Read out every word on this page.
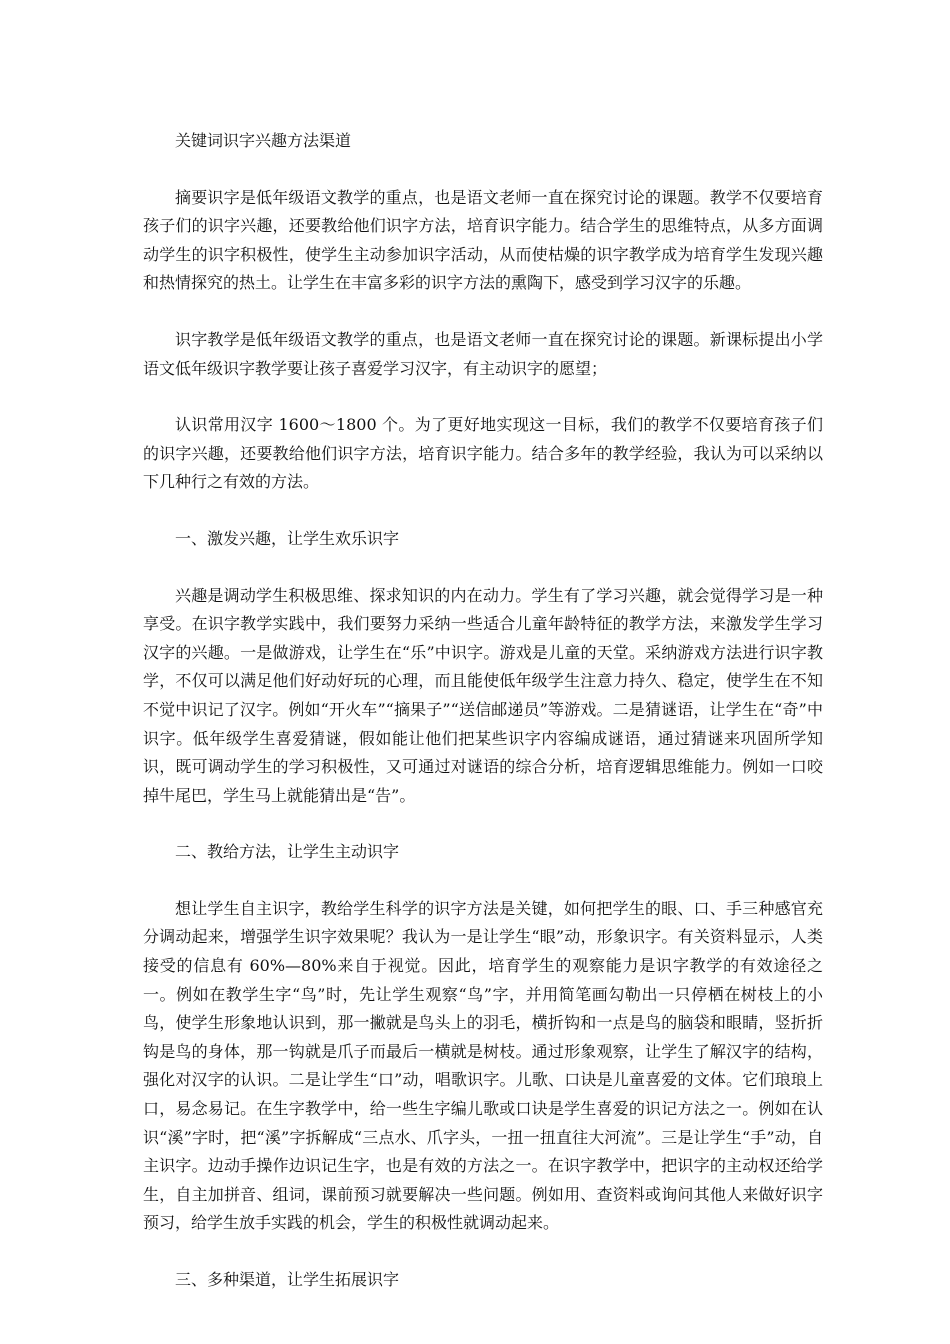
关键词识字兴趣方法渠道

摘要识字是低年级语文教学的重点，也是语文老师一直在探究讨论的课题。教学不仅要培育孩子们的识字兴趣，还要教给他们识字方法，培育识字能力。结合学生的思维特点，从多方面调动学生的识字积极性，使学生主动参加识字活动，从而使枯燥的识字教学成为培育学生发现兴趣和热情探究的热土。让学生在丰富多彩的识字方法的熏陶下，感受到学习汉字的乐趣。

识字教学是低年级语文教学的重点，也是语文老师一直在探究讨论的课题。新课标提出小学语文低年级识字教学要让孩子喜爱学习汉字，有主动识字的愿望；

认识常用汉字 1600～1800 个。为了更好地实现这一目标，我们的教学不仅要培育孩子们的识字兴趣，还要教给他们识字方法，培育识字能力。结合多年的教学经验，我认为可以采纳以下几种行之有效的方法。

一、激发兴趣，让学生欢乐识字

兴趣是调动学生积极思维、探求知识的内在动力。学生有了学习兴趣，就会觉得学习是一种享受。在识字教学实践中，我们要努力采纳一些适合儿童年龄特征的教学方法，来激发学生学习汉字的兴趣。一是做游戏，让学生在“乐”中识字。游戏是儿童的天堂。采纳游戏方法进行识字教学，不仅可以满足他们好动好玩的心理，而且能使低年级学生注意力持久、稳定，使学生在不知不觉中识记了汉字。例如“开火车”“摘果子”“送信邮递员”等游戏。二是猜谜语，让学生在“奇”中识字。低年级学生喜爱猜谜，假如能让他们把某些识字内容编成谜语，通过猜谜来巩固所学知识，既可调动学生的学习积极性，又可通过对谜语的综合分析，培育逻辑思维能力。例如一口咬掉牛尾巴，学生马上就能猜出是“告”。

二、教给方法，让学生主动识字

想让学生自主识字，教给学生科学的识字方法是关键，如何把学生的眼、口、手三种感官充分调动起来，增强学生识字效果呢？我认为一是让学生“眼”动，形象识字。有关资料显示，人类接受的信息有 60%—80%来自于视觉。因此，培育学生的观察能力是识字教学的有效途径之一。例如在教学生字“鸟”时，先让学生观察“鸟”字，并用简笔画勾勒出一只停栖在树枝上的小鸟，使学生形象地认识到，那一撇就是鸟头上的羽毛，横折钩和一点是鸟的脑袋和眼睛，竖折折钩是鸟的身体，那一钩就是爪子而最后一横就是树枝。通过形象观察，让学生了解汉字的结构，强化对汉字的认识。二是让学生“口”动，唱歌识字。儿歌、口诀是儿童喜爱的文体。它们琅琅上口，易念易记。在生字教学中，给一些生字编儿歌或口诀是学生喜爱的识记方法之一。例如在认识“溪”字时，把“溪”字拆解成“三点水、爪字头，一扭一扭直往大河流”。三是让学生“手”动，自主识字。边动手操作边识记生字，也是有效的方法之一。在识字教学中，把识字的主动权还给学生，自主加拼音、组词，课前预习就要解决一些问题。例如用、查资料或询问其他人来做好识字预习，给学生放手实践的机会，学生的积极性就调动起来。

三、多种渠道，让学生拓展识字
